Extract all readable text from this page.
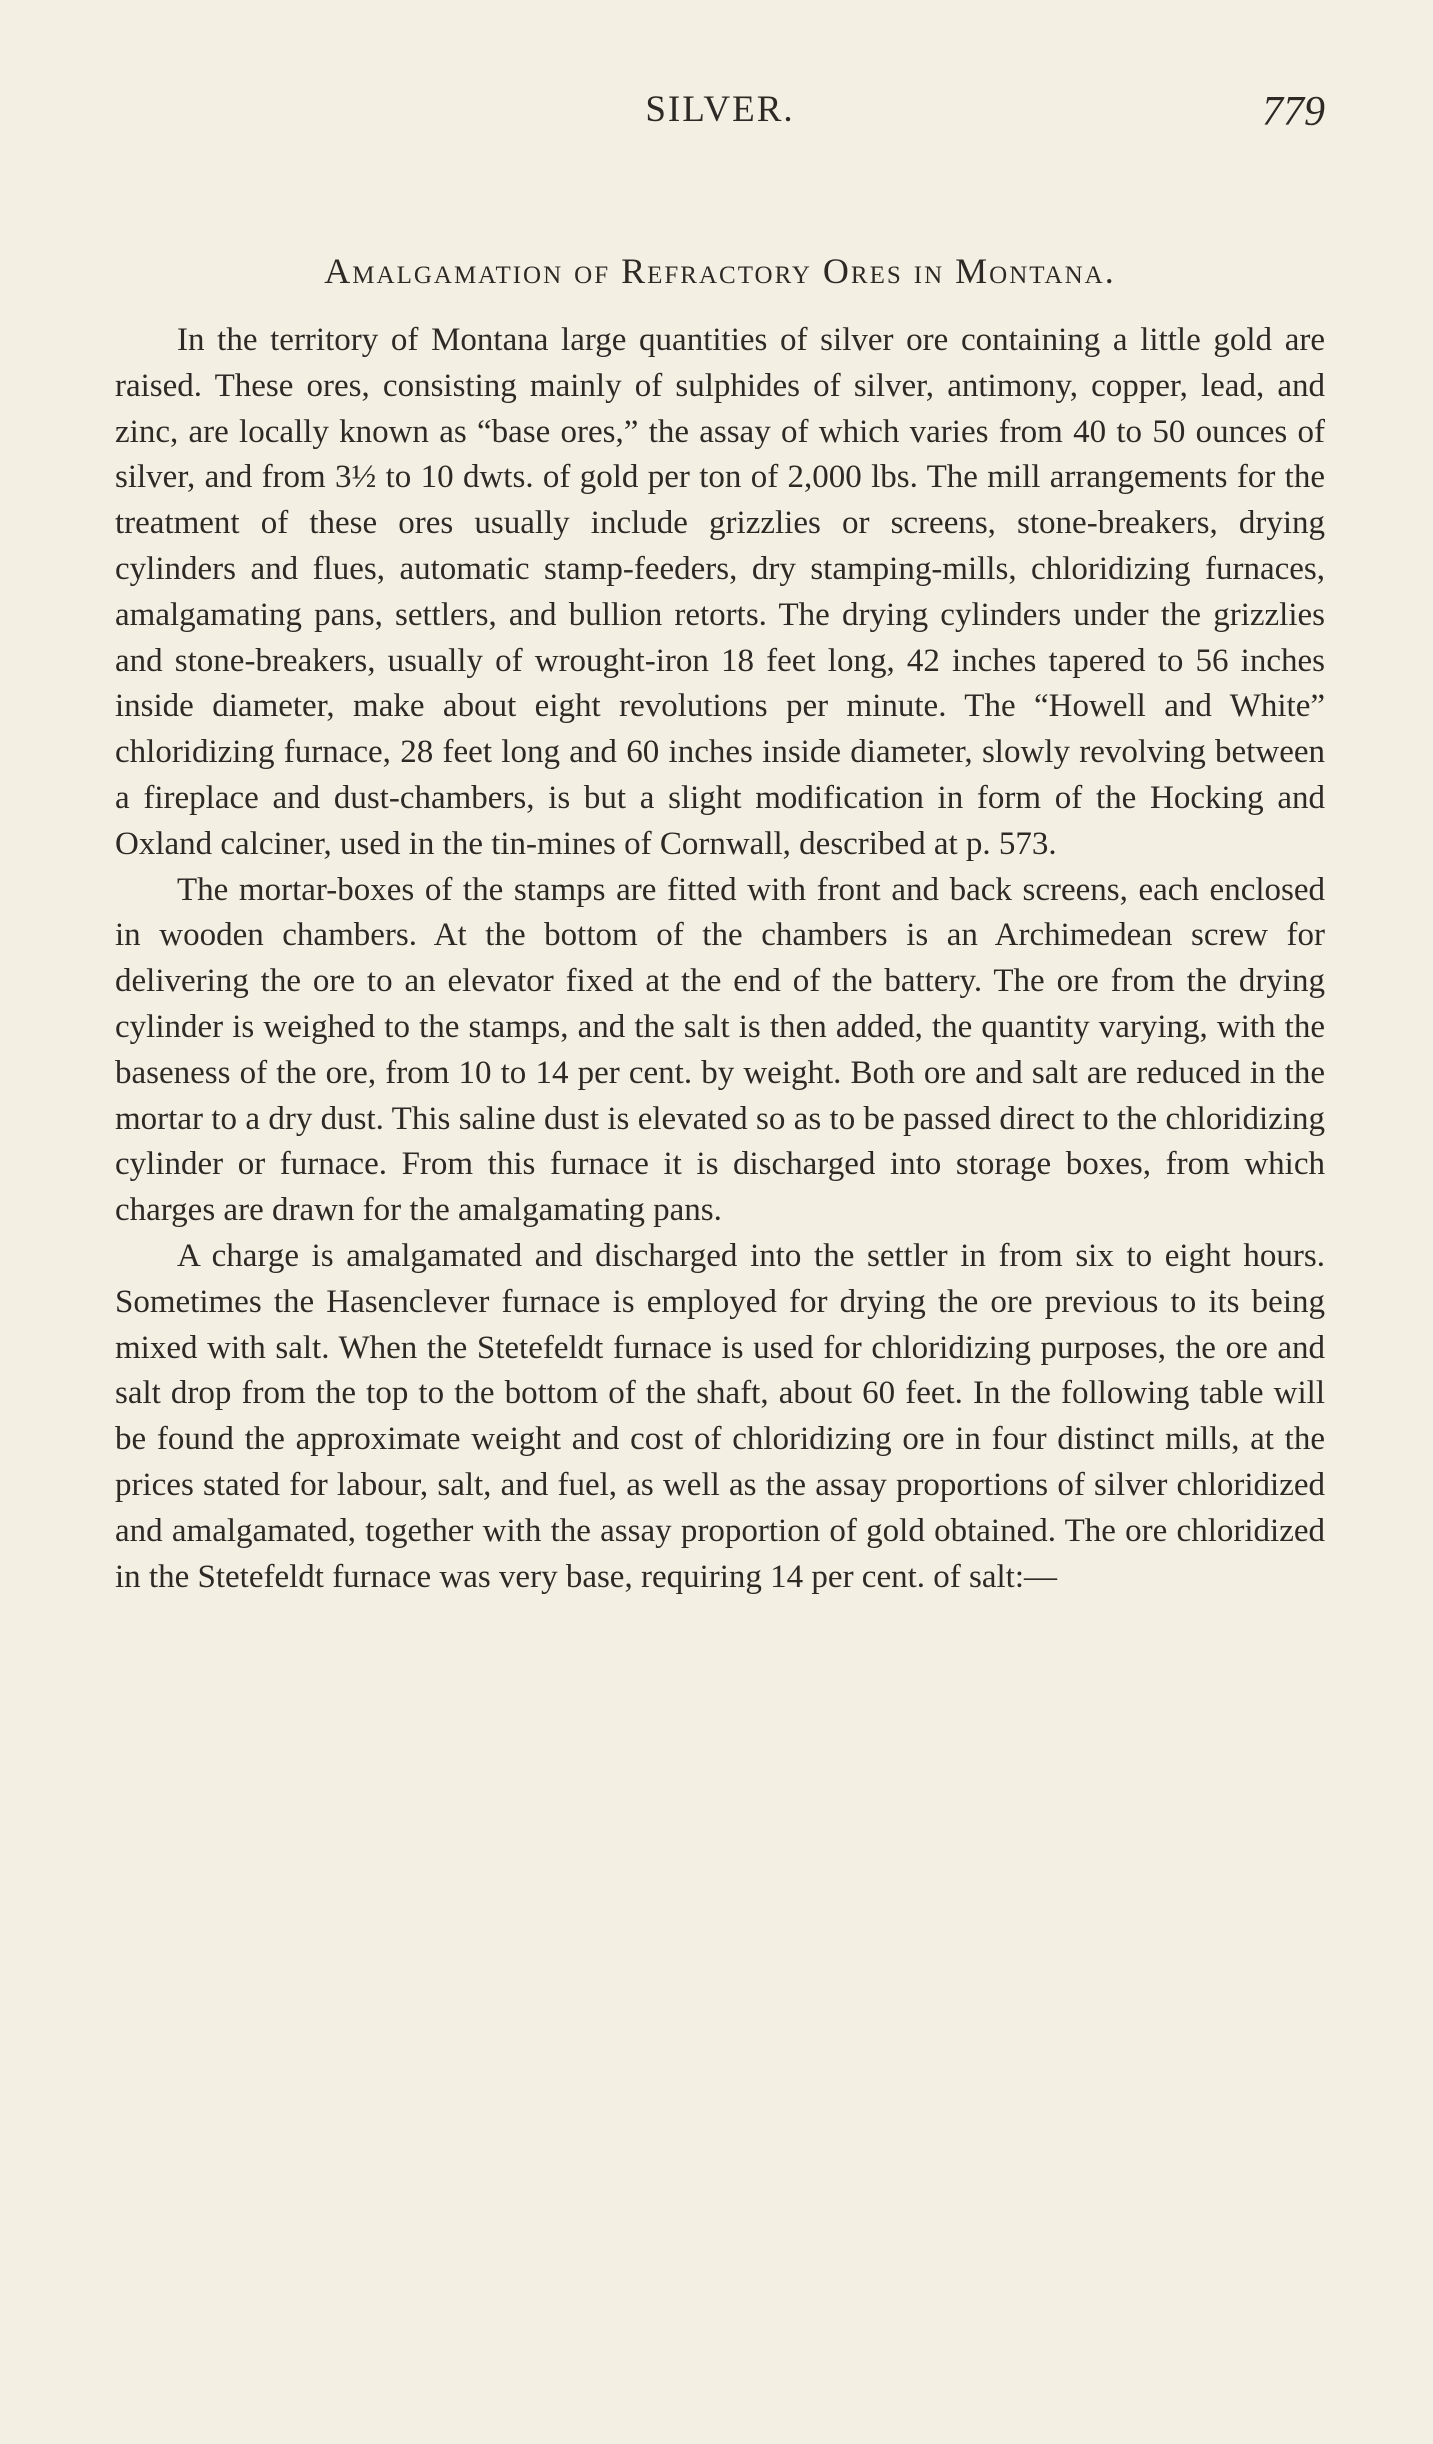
SILVER.	779
Amalgamation of Refractory Ores in Montana.

In the territory of Montana large quantities of silver ore containing a little gold are raised. These ores, consisting mainly of sulphides of silver, antimony, copper, lead, and zinc, are locally known as “base ores,” the assay of which varies from 40 to 50 ounces of silver, and from 3½ to 10 dwts. of gold per ton of 2,000 lbs. The mill arrangements for the treatment of these ores usually include grizzlies or screens, stone-breakers, drying cylinders and flues, automatic stamp-feeders, dry stamping-mills, chloridizing furnaces, amalgamating pans, settlers, and bullion retorts. The drying cylinders under the grizzlies and stone-breakers, usually of wrought-iron 18 feet long, 42 inches tapered to 56 inches inside diameter, make about eight revolutions per minute. The “Howell and White” chloridizing furnace, 28 feet long and 60 inches inside diameter, slowly revolving between a fireplace and dust-chambers, is but a slight modification in form of the Hocking and Oxland calciner, used in the tin-mines of Cornwall, described at p. 573.

The mortar-boxes of the stamps are fitted with front and back screens, each enclosed in wooden chambers. At the bottom of the chambers is an Archimedean screw for delivering the ore to an elevator fixed at the end of the battery. The ore from the drying cylinder is weighed to the stamps, and the salt is then added, the quantity varying, with the baseness of the ore, from 10 to 14 per cent. by weight. Both ore and salt are reduced in the mortar to a dry dust. This saline dust is elevated so as to be passed direct to the chloridizing cylinder or furnace. From this furnace it is discharged into storage boxes, from which charges are drawn for the amalgamating pans.

A charge is amalgamated and discharged into the settler in from six to eight hours. Sometimes the Hasenclever furnace is employed for drying the ore previous to its being mixed with salt. When the Stetefeldt furnace is used for chloridizing purposes, the ore and salt drop from the top to the bottom of the shaft, about 60 feet. In the following table will be found the approximate weight and cost of chloridizing ore in four distinct mills, at the prices stated for labour, salt, and fuel, as well as the assay proportions of silver chloridized and amalgamated, together with the assay proportion of gold obtained. The ore chloridized in the Stetefeldt furnace was very base, requiring 14 per cent. of salt:—
